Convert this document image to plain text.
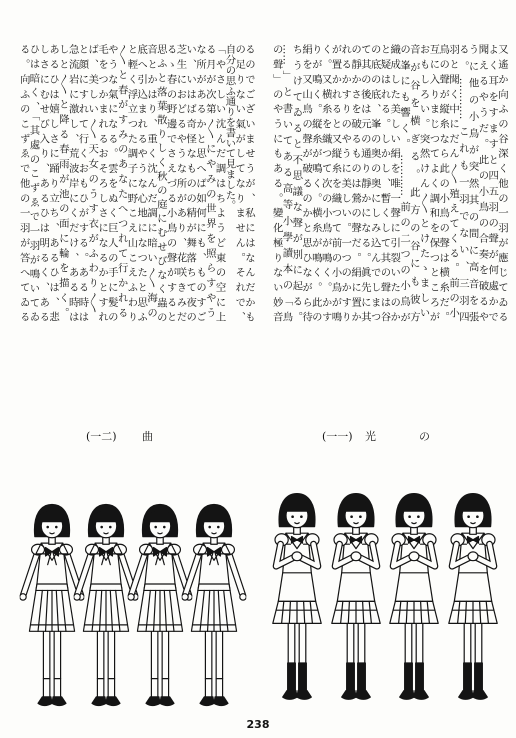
又遙か向ふの谷深く他の一羽が應じてゐる
よく耳をすますと四五羽の聲が何處かで
聞えるやうだ。此の小鳥の合奏を破るや
うに他の小鳥が突然其の間に高音を張
る。…………これも一羽でない、三羽四
羽と聞く中にだん〳〵殖えてくる。前の小
鳥の聲が縦糸なら此の小鳥の聲は横糸だ。
互に入りまじつてよく調和を保つところが
おもしろい。突然けん〳〵とけたゝましい
音が谷を横ぎる。此方の谷にも彼方
の峯にも響く。…………前の二つの小鳥が
織成した美しい絹を唯一聲に引裂いたのか
と疑はれる。しかし、暫くして其の聲は谷
の底の底、峯の奥の奥にしみ込んでしまつ
て其の後は元の通り靜かになる。眞先に其
の靜かさを破るものは鶯の聲だ。絹に置か
れるかすりのやうに美しい。一つのかすり
が置かれると又縦糸を織つて前の小鳥が鳴
く。又横糸を織つて次の小鳥が鳴く。かす
りが鳴く。縦糸が鳴く。横糸が鳴く。此の
絹を又山鳥の聲が破るのかと思ひながら待
ちうけてゐると不思議な聲が別に起る。
……」と書いてある高等小學讀本の「鳥
の聲」のやうにもある。變化極りない妙音
るのでございませうが、私にはなんだかも
の足りない氣がしてなりません。それで、
自分の思ふ通りを書いて見ました。
「やさしい沈んだ調はちようど東の空に上
る月が次第〳〵にやみの世界を照らすやう
な所があるかと思へば如何にも、ものすご
い、いはば奇怪なものの精が舞落ちて夜の
芝生におどるやうな所があり、花咲きみだ
るゝ春の野邊でさえづる小鳥の聲がすると
思ふと落葉散りしく秋の庭にむせびなく蟲の
音とかはり、重く沈んだ調に暗い〳〵海の
底へ引込まれるやうな心地になつたと思ふ
と輕く浮立つた調子に野こえ山こえふわり
〳〵と春がすみのあなたへつれて行かれる
やうな氣になる。雲をぬく巨人の手に髪の
毛をつかまれるおそろしさになるかとすれ
ば、美しい〳〵天女のうす衣がふわり〳〵
と顔にすれて行くおもひがする。ある時は
急流岩に激し、荒波岸にくだけ、ある時は
しと〳〵と降る春雨が池の面に輪を描く。
あるひは嬉しさに踊り立ち、あるひは、悲
しさにむせび入り、あるひは明るく、ある
ひは暗く、「其處のこずゑで一羽が鳴いてゐ
る。向ふのこずゑで他の一羽が答へてゐる
(一二) 曲	(一一) 光	の
238
